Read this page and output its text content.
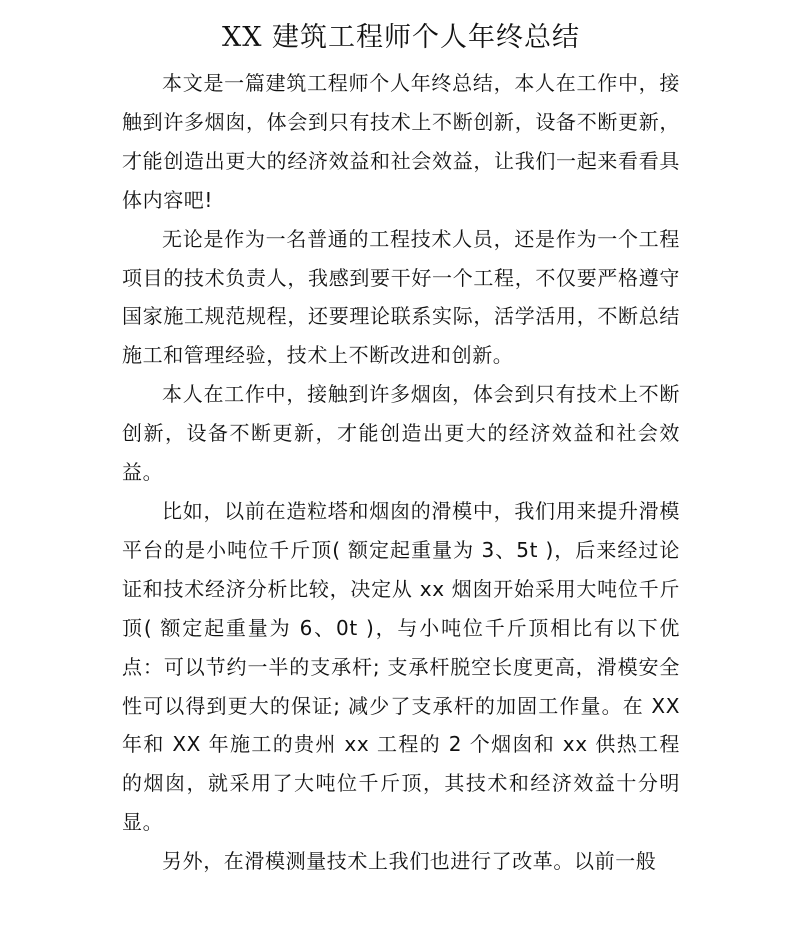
XX 建筑工程师个人年终总结

本文是一篇建筑工程师个人年终总结，本人在工作中，接触到许多烟囱，体会到只有技术上不断创新，设备不断更新，才能创造出更大的经济效益和社会效益，让我们一起来看看具体内容吧!

无论是作为一名普通的工程技术人员，还是作为一个工程项目的技术负责人，我感到要干好一个工程，不仅要严格遵守国家施工规范规程，还要理论联系实际，活学活用，不断总结施工和管理经验，技术上不断改进和创新。

本人在工作中，接触到许多烟囱，体会到只有技术上不断创新，设备不断更新，才能创造出更大的经济效益和社会效益。

比如，以前在造粒塔和烟囱的滑模中，我们用来提升滑模平台的是小吨位千斤顶( 额定起重量为 3、5t )，后来经过论证和技术经济分析比较，决定从 xx 烟囱开始采用大吨位千斤顶( 额定起重量为 6、0t )，与小吨位千斤顶相比有以下优点：可以节约一半的支承杆; 支承杆脱空长度更高，滑模安全性可以得到更大的保证; 减少了支承杆的加固工作量。在 XX 年和 XX 年施工的贵州 xx 工程的 2 个烟囱和 xx 供热工程的烟囱，就采用了大吨位千斤顶，其技术和经济效益十分明显。

另外，在滑模测量技术上我们也进行了改革。以前一般
